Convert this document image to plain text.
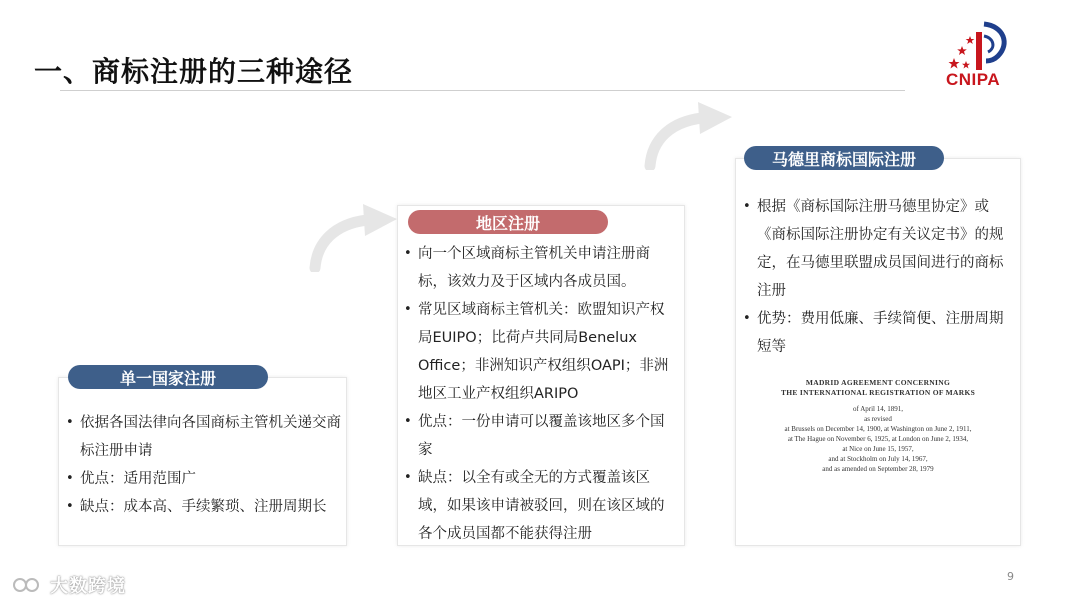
一、商标注册的三种途径	CNIPA
单一国家注册
• 依据各国法律向各国商标主管机关递交商标注册申请
• 优点：适用范围广
• 缺点：成本高、手续繁琐、注册周期长
地区注册
• 向一个区域商标主管机关申请注册商标，该效力及于区域内各成员国。
• 常见区域商标主管机关：欧盟知识产权局EUIPO；比荷卢共同局Benelux Office；非洲知识产权组织OAPI；非洲地区工业产权组织ARIPO
• 优点：一份申请可以覆盖该地区多个国家
• 缺点：以全有或全无的方式覆盖该区域，如果该申请被驳回，则在该区域的各个成员国都不能获得注册
马德里商标国际注册
• 根据《商标国际注册马德里协定》或《商标国际注册协定有关议定书》的规定，在马德里联盟成员国间进行的商标注册
• 优势：费用低廉、手续简便、注册周期短等
MADRID AGREEMENT CONCERNING
THE INTERNATIONAL REGISTRATION OF MARKS
of April 14, 1891,
as revised
at Brussels on December 14, 1900, at Washington on June 2, 1911,
at The Hague on November 6, 1925, at London on June 2, 1934,
at Nice on June 15, 1957,
and at Stockholm on July 14, 1967,
and as amended on September 28, 1979
9
大数跨境
